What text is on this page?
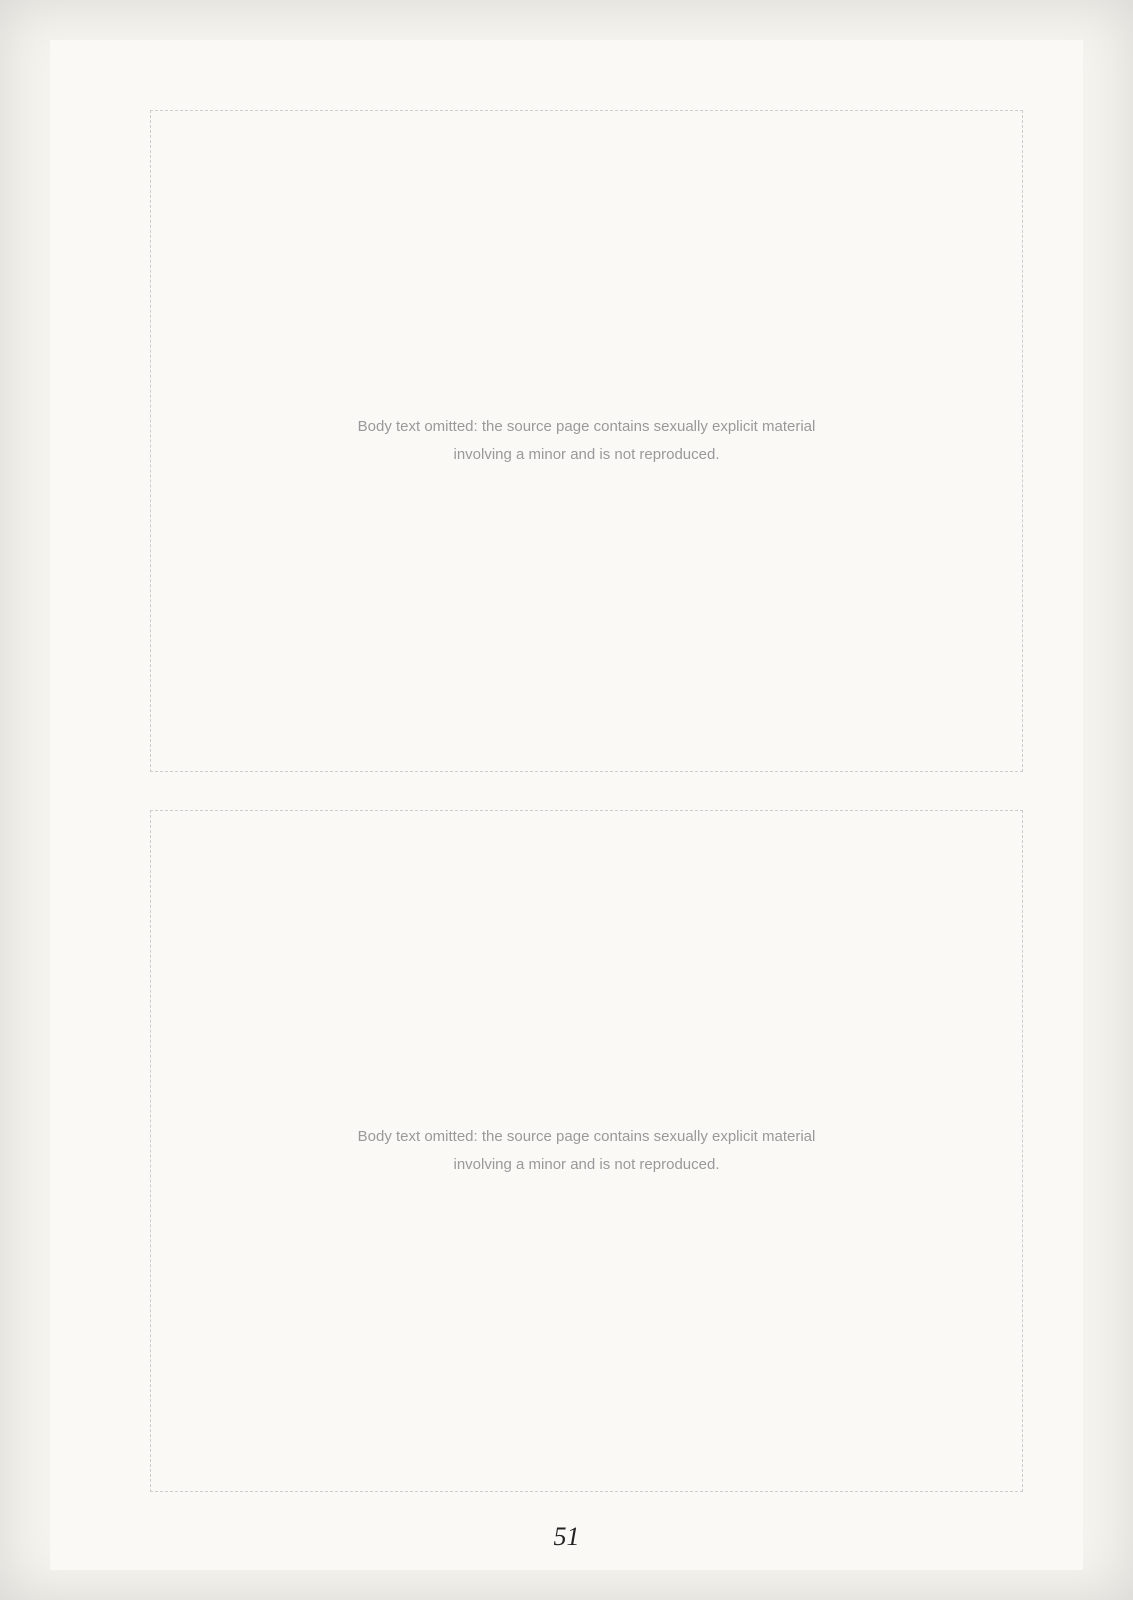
Body text omitted: the source page contains sexually explicit material involving a minor and is not reproduced.
Body text omitted: the source page contains sexually explicit material involving a minor and is not reproduced.
51
